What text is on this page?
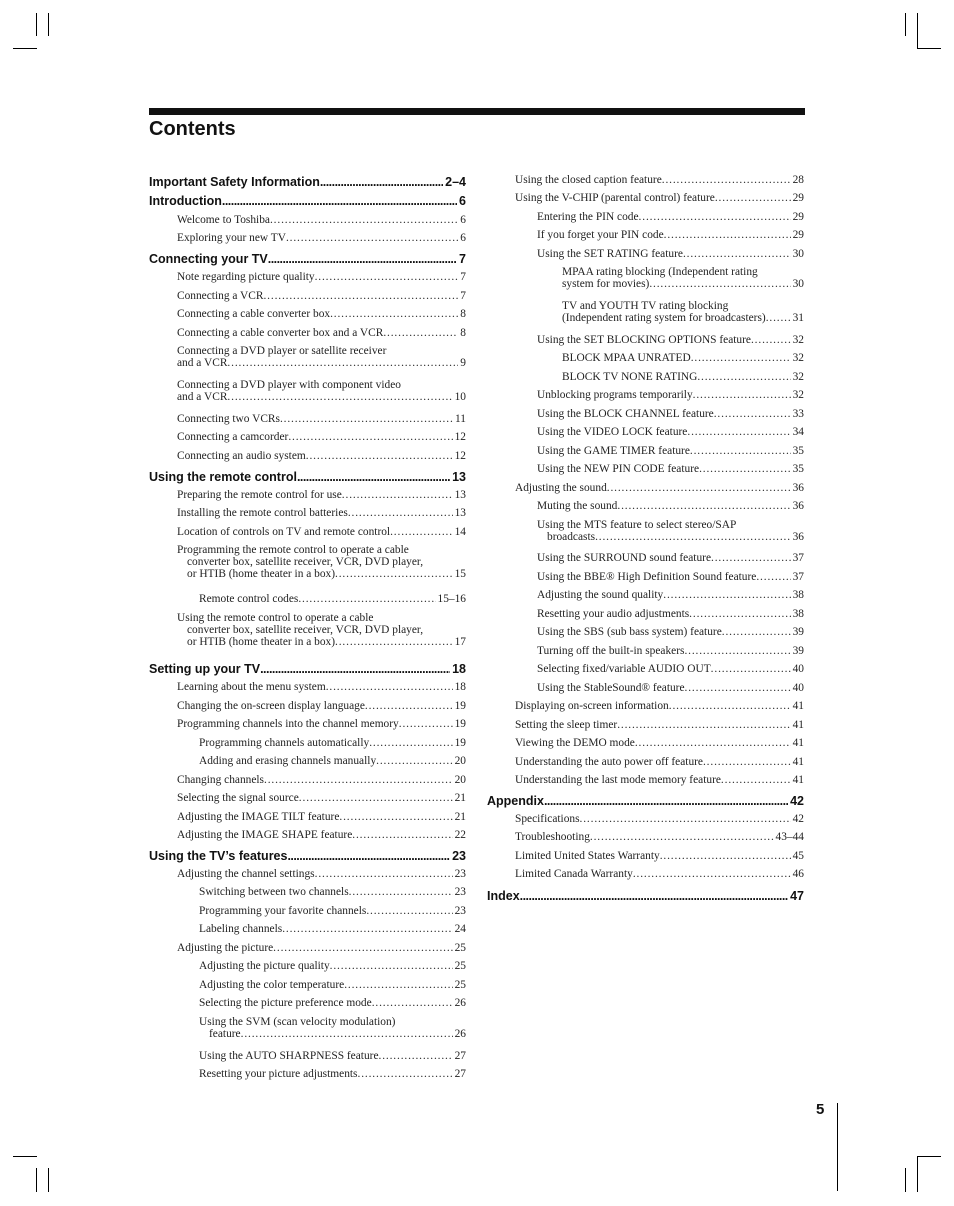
Contents
Important Safety Information . . .	2–4
Introduction . . .	6
Welcome to Toshiba . . .	6
Exploring your new TV . . .	6
Connecting your TV . . .	7
Note regarding picture quality . . .	7
Connecting a VCR . . .	7
Connecting a cable converter box . . .	8
Connecting a cable converter box and a VCR . . .	8
Connecting a DVD player or satellite receiver
and a VCR . . .	9
Connecting a DVD player with component video
and a VCR . . .	10
Connecting two VCRs . . .	11
Connecting a camcorder . . .	12
Connecting an audio system . . .	12
Using the remote control . . .	13
Preparing the remote control for use . . .	13
Installing the remote control batteries . . .	13
Location of controls on TV and remote control . . .	14
Programming the remote control to operate a cable
converter box, satellite receiver, VCR, DVD player,
or HTIB (home theater in a box) . . .	15
Remote control codes . . .	15–16
Using the remote control to operate a cable
converter box, satellite receiver, VCR, DVD player,
or HTIB (home theater in a box) . . .	17
Setting up your TV . . .	18
Learning about the menu system . . .	18
Changing the on-screen display language . . .	19
Programming channels into the channel memory . . .	19
Programming channels automatically . . .	19
Adding and erasing channels manually . . .	20
Changing channels . . .	20
Selecting the signal source . . .	21
Adjusting the IMAGE TILT feature . . .	21
Adjusting the IMAGE SHAPE feature . . .	22
Using the TV’s features . . .	23
Adjusting the channel settings . . .	23
Switching between two channels . . .	23
Programming your favorite channels . . .	23
Labeling channels . . .	24
Adjusting the picture . . .	25
Adjusting the picture quality . . .	25
Adjusting the color temperature . . .	25
Selecting the picture preference mode . . .	26
Using the SVM (scan velocity modulation)
feature . . .	26
Using the AUTO SHARPNESS feature . . .	27
Resetting your picture adjustments . . .	27
Using the closed caption feature . . .	28
Using the V-CHIP (parental control) feature . . .	29
Entering the PIN code . . .	29
If you forget your PIN code . . .	29
Using the SET RATING feature . . .	30
MPAA rating blocking (Independent rating
system for movies) . . .	30
TV and YOUTH TV rating blocking
(Independent rating system for broadcasters) . . . 31
Using the SET BLOCKING OPTIONS feature . . .	32
BLOCK MPAA UNRATED . . .	32
BLOCK TV NONE RATING . . .	32
Unblocking programs temporarily . . .	32
Using the BLOCK CHANNEL feature . . .	33
Using the VIDEO LOCK feature . . .	34
Using the GAME TIMER feature . . .	35
Using the NEW PIN CODE feature . . .	35
Adjusting the sound . . .	36
Muting the sound . . .	36
Using the MTS feature to select stereo/SAP
broadcasts . . .	36
Using the SURROUND sound feature . . .	37
Using the BBE® High Definition Sound feature . . .	37
Adjusting the sound quality . . .	38
Resetting your audio adjustments . . .	38
Using the SBS (sub bass system) feature . . .	39
Turning off the built-in speakers . . .	39
Selecting fixed/variable AUDIO OUT . . .	40
Using the StableSound® feature . . .	40
Displaying on-screen information . . .	41
Setting the sleep timer . . .	41
Viewing the DEMO mode . . .	41
Understanding the auto power off feature . . .	41
Understanding the last mode memory feature . . .	41
Appendix . . .	42
Specifications . . .	42
Troubleshooting . . .	43–44
Limited United States Warranty . . .	45
Limited Canada Warranty . . .	46
Index . . .	47
5
